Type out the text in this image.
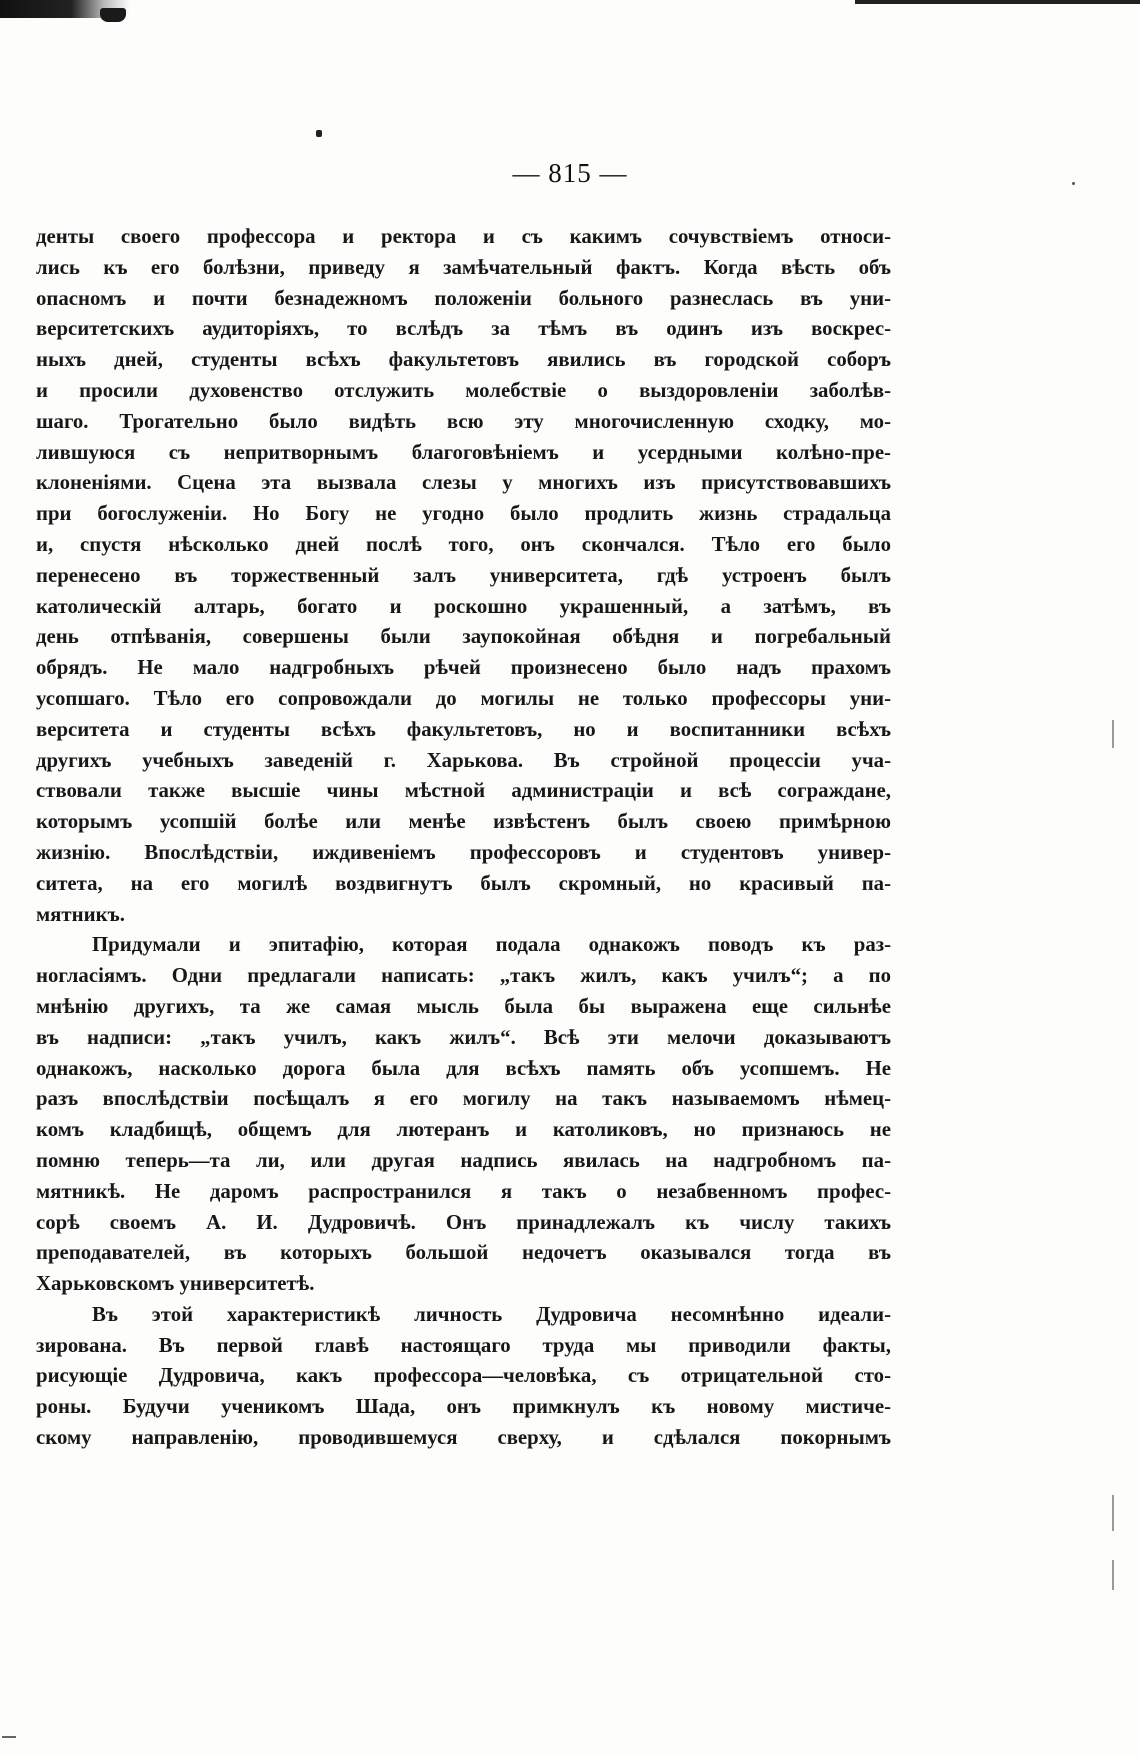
— 815 —
денты своего профессора и ректора и съ какимъ сочувствіемъ относи-
лись къ его болѣзни, приведу я замѣчательный фактъ. Когда вѣсть объ
опасномъ и почти безнадежномъ положеніи больного разнеслась въ уни-
верситетскихъ аудиторіяхъ, то вслѣдъ за тѣмъ въ одинъ изъ воскрес-
ныхъ дней, студенты всѣхъ факультетовъ явились въ городской соборъ
и просили духовенство отслужить молебствіе о выздоровленіи заболѣв-
шаго. Трогательно было видѣть всю эту многочисленную сходку, мо-
лившуюся съ непритворнымъ благоговѣніемъ и усердными колѣно-пре-
клоненіями. Сцена эта вызвала слезы у многихъ изъ присутствовавшихъ
при богослуженіи. Но Богу не угодно было продлить жизнь страдальца
и, спустя нѣсколько дней послѣ того, онъ скончался. Тѣло его было
перенесено въ торжественный залъ университета, гдѣ устроенъ былъ
католическій алтарь, богато и роскошно украшенный, а затѣмъ, въ
день отпѣванія, совершены были заупокойная обѣдня и погребальный
обрядъ. Не мало надгробныхъ рѣчей произнесено было надъ прахомъ
усопшаго. Тѣло его сопровождали до могилы не только профессоры уни-
верситета и студенты всѣхъ факультетовъ, но и воспитанники всѣхъ
другихъ учебныхъ заведеній г. Харькова. Въ стройной процессіи уча-
ствовали также высшіе чины мѣстной администраціи и всѣ сограждане,
которымъ усопшій болѣе или менѣе извѣстенъ былъ своею примѣрною
жизнію. Впослѣдствіи, иждивеніемъ профессоровъ и студентовъ универ-
ситета, на его могилѣ воздвигнутъ былъ скромный, но красивый па-
мятникъ.
Придумали и эпитафію, которая подала однакожъ поводъ къ раз-
ногласіямъ. Одни предлагали написать: „такъ жилъ, какъ училъ“; а по
мнѣнію другихъ, та же самая мысль была бы выражена еще сильнѣе
въ надписи: „такъ училъ, какъ жилъ“. Всѣ эти мелочи доказываютъ
однакожъ, насколько дорога была для всѣхъ память объ усопшемъ. Не
разъ впослѣдствіи посѣщалъ я его могилу на такъ называемомъ нѣмец-
комъ кладбищѣ, общемъ для лютеранъ и католиковъ, но признаюсь не
помню теперь—та ли, или другая надпись явилась на надгробномъ па-
мятникѣ. Не даромъ распространился я такъ о незабвенномъ профес-
сорѣ своемъ А. И. Дудровичѣ. Онъ принадлежалъ къ числу такихъ
преподавателей, въ которыхъ большой недочетъ оказывался тогда въ
Харьковскомъ университетѣ.
Въ этой характеристикѣ личность Дудровича несомнѣнно идеали-
зирована. Въ первой главѣ настоящаго труда мы приводили факты,
рисующіе Дудровича, какъ профессора—человѣка, съ отрицательной сто-
роны. Будучи ученикомъ Шада, онъ примкнулъ къ новому мистиче-
скому направленію, проводившемуся сверху, и сдѣлался покорнымъ
